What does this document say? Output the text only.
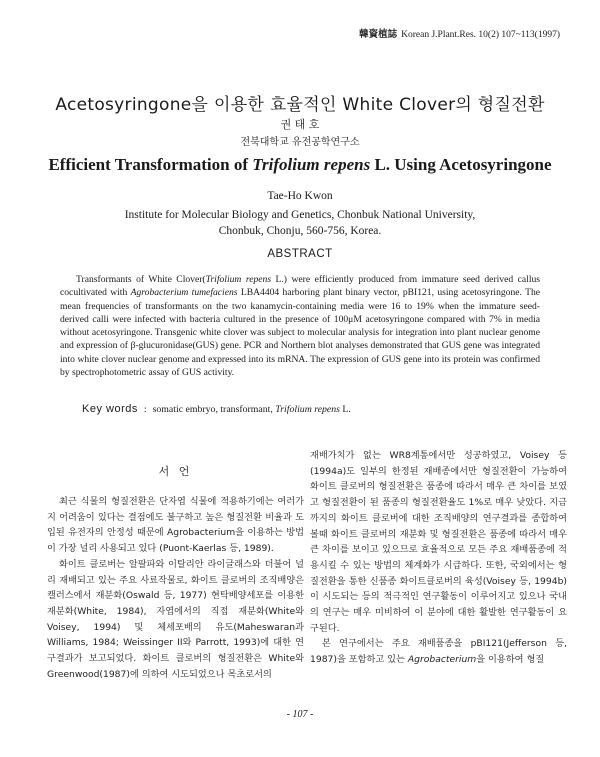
韓資植誌 Korean J.Plant.Res. 10(2) 107~113(1997)
Acetosyringone을 이용한 효율적인 White Clover의 형질전환
권 태 호
전북대학교 유전공학연구소
Efficient Transformation of Trifolium repens L. Using Acetosyringone
Tae-Ho Kwon
Institute for Molecular Biology and Genetics, Chonbuk National University,
Chonbuk, Chonju, 560-756, Korea.
ABSTRACT
Transformants of White Clover(Trifolium repens L.) were efficiently produced from immature seed derived callus cocultivated with Agrobacterium tumefaciens LBA4404 harboring plant binary vector, pBI121, using acetosyringone. The mean frequencies of transformants on the two kanamycin-containing media were 16 to 19% when the immature seed-derived calli were infected with bacteria cultured in the presence of 100μM acetosyringone compared with 7% in media without acetosyringone. Transgenic white clover was subject to molecular analysis for integration into plant nuclear genome and expression of β-glucuronidase(GUS) gene. PCR and Northern blot analyses demonstrated that GUS gene was integrated into white clover nuclear genome and expressed into its mRNA. The expression of GUS gene into its protein was confirmed by spectrophotometric assay of GUS activity.
Key words : somatic embryo, transformant, Trifolium repens L.
서 언

최근 식물의 형질전환은 단자엽 식물에 적용하기에는 여러가지 어려움이 있다는 결점에도 불구하고 높은 형질전환 비율과 도입된 유전자의 안정성 때문에 Agrobacterium을 이용하는 방법이 가장 널리 사용되고 있다 (Puont-Kaerlas 등, 1989).

화이트 클로버는 알팔파와 이탈리안 라이글래스와 더불어 널리 재배되고 있는 주요 사료작물로, 화이트 클로버의 조직배양은 캘러스에서 재분화(Oswald 등, 1977) 현탁배양세포를 이용한 재분화(White, 1984), 자엽에서의 직접 재분화(White와 Voisey, 1994) 및 체세포배의 유도(Maheswaran과 Williams, 1984; Weissinger II와 Parrott, 1993)에 대한 연구결과가 보고되었다. 화이트 클로버의 형질전환은 White와 Greenwood(1987)에 의하여 시도되었으나 목초로서의

재배가치가 없는 WR8계통에서만 성공하였고, Voisey 등(1994a)도 일부의 한정된 재배종에서만 형질전환이 가능하여 화이트 클로버의 형질전환은 품종에 따라서 매우 큰 차이를 보였고 형질전환이 된 품종의 형질전환율도 1%로 매우 낮았다. 지금까지의 화이트 클로버에 대한 조직배양의 연구결과를 종합하여 볼때 화이트 클로버의 재분화 및 형질전환은 품종에 따라서 매우 큰 차이를 보이고 있으므로 효율적으로 모든 주요 재배품종에 적용시킬 수 있는 방법의 체계화가 시급하다. 또한, 국외에서는 형질전환을 통한 신품종 화이트클로버의 육성(Voisey 등, 1994b)이 시도되는 등의 적극적인 연구활동이 이루어지고 있으나 국내의 연구는 매우 미비하여 이 분야에 대한 활발한 연구활동이 요구된다.

본 연구에서는 주요 재배품종을 pBI121(Jefferson 등, 1987)을 포함하고 있는 Agrobacterium을 이용하여 형질

- 107 -
